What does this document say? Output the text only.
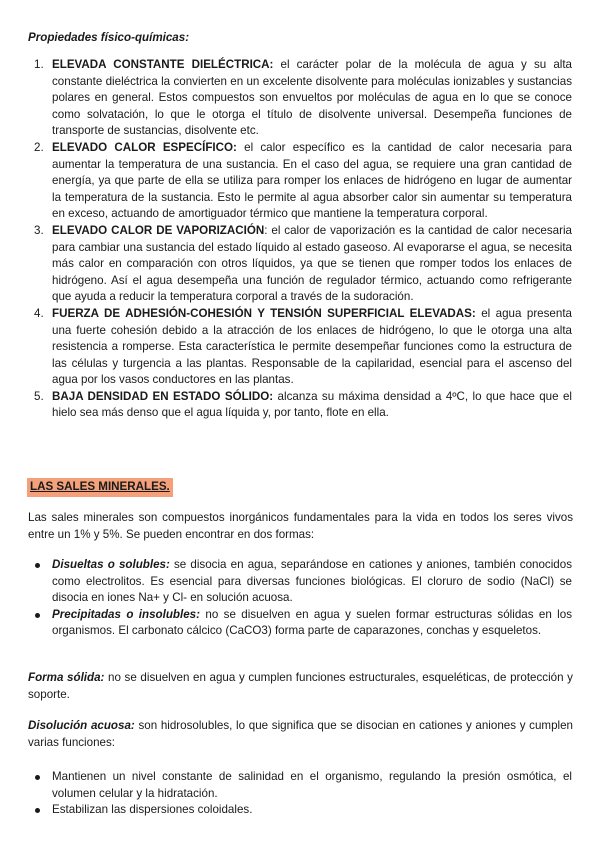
Propiedades físico-químicas:
1. ELEVADA CONSTANTE DIELÉCTRICA: el carácter polar de la molécula de agua y su alta constante dieléctrica la convierten en un excelente disolvente para moléculas ionizables y sustancias polares en general. Estos compuestos son envueltos por moléculas de agua en lo que se conoce como solvatación, lo que le otorga el título de disolvente universal. Desempeña funciones de transporte de sustancias, disolvente etc.
2. ELEVADO CALOR ESPECÍFICO: el calor específico es la cantidad de calor necesaria para aumentar la temperatura de una sustancia. En el caso del agua, se requiere una gran cantidad de energía, ya que parte de ella se utiliza para romper los enlaces de hidrógeno en lugar de aumentar la temperatura de la sustancia. Esto le permite al agua absorber calor sin aumentar su temperatura en exceso, actuando de amortiguador térmico que mantiene la temperatura corporal.
3. ELEVADO CALOR DE VAPORIZACIÓN: el calor de vaporización es la cantidad de calor necesaria para cambiar una sustancia del estado líquido al estado gaseoso. Al evaporarse el agua, se necesita más calor en comparación con otros líquidos, ya que se tienen que romper todos los enlaces de hidrógeno. Así el agua desempeña una función de regulador térmico, actuando como refrigerante que ayuda a reducir la temperatura corporal a través de la sudoración.
4. FUERZA DE ADHESIÓN-COHESIÓN Y TENSIÓN SUPERFICIAL ELEVADAS: el agua presenta una fuerte cohesión debido a la atracción de los enlaces de hidrógeno, lo que le otorga una alta resistencia a romperse. Esta característica le permite desempeñar funciones como la estructura de las células y turgencia a las plantas. Responsable de la capilaridad, esencial para el ascenso del agua por los vasos conductores en las plantas.
5. BAJA DENSIDAD EN ESTADO SÓLIDO: alcanza su máxima densidad a 4ºC, lo que hace que el hielo sea más denso que el agua líquida y, por tanto, flote en ella.
LAS SALES MINERALES.

Las sales minerales son compuestos inorgánicos fundamentales para la vida en todos los seres vivos entre un 1% y 5%. Se pueden encontrar en dos formas:

Disueltas o solubles: se disocia en agua, separándose en cationes y aniones, también conocidos como electrolitos. Es esencial para diversas funciones biológicas. El cloruro de sodio (NaCl) se disocia en iones Na+ y Cl- en solución acuosa.
Precipitadas o insolubles: no se disuelven en agua y suelen formar estructuras sólidas en los organismos. El carbonato cálcico (CaCO3) forma parte de caparazones, conchas y esqueletos.

Forma sólida: no se disuelven en agua y cumplen funciones estructurales, esqueléticas, de protección y soporte.

Disolución acuosa: son hidrosolubles, lo que significa que se disocian en cationes y aniones y cumplen varias funciones:

Mantienen un nivel constante de salinidad en el organismo, regulando la presión osmótica, el volumen celular y la hidratación.
Estabilizan las dispersiones coloidales.
